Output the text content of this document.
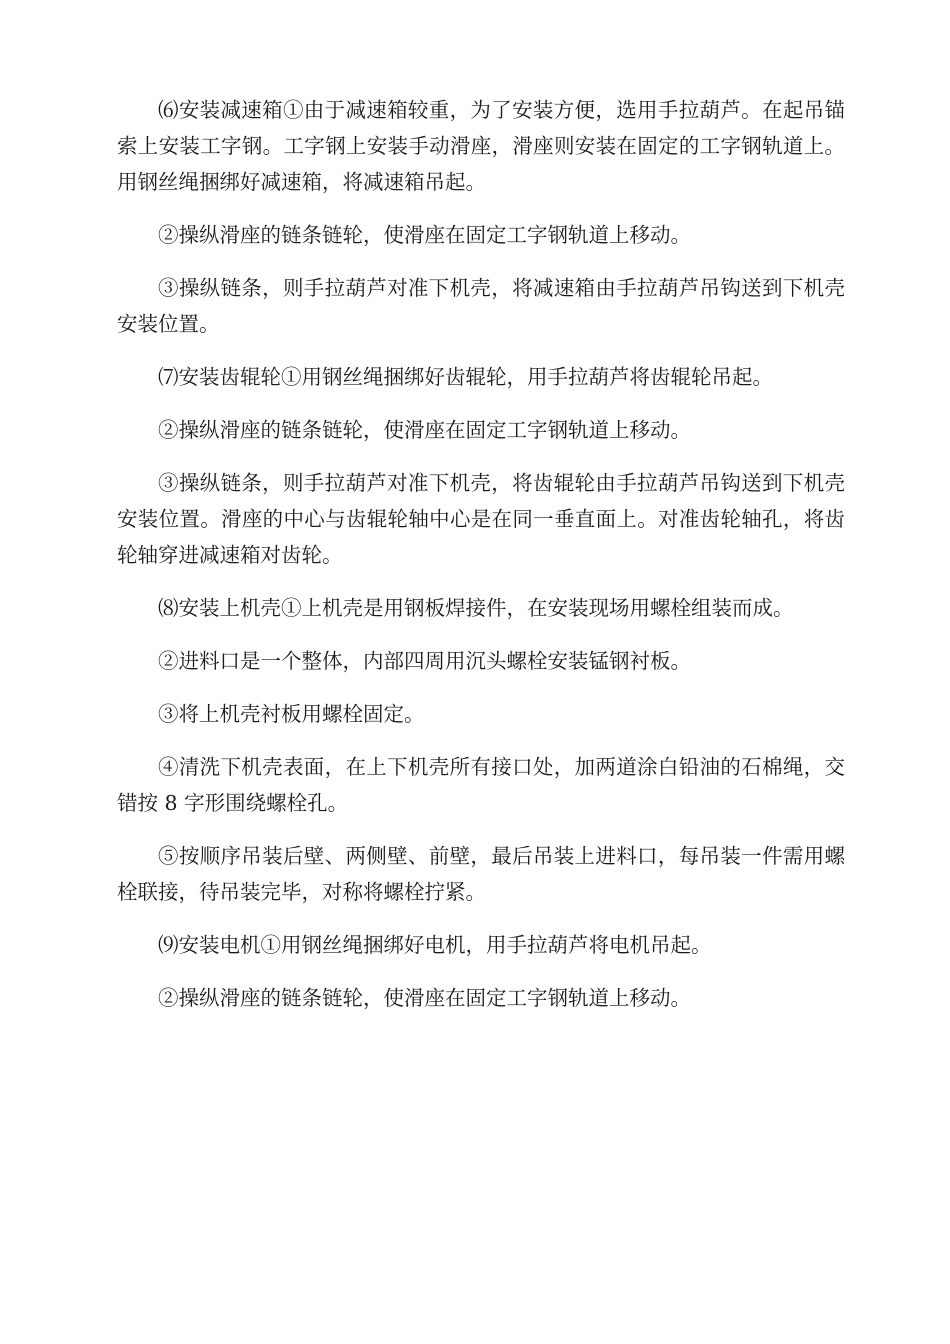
⑹安装减速箱①由于减速箱较重，为了安装方便，选用手拉葫芦。在起吊锚索上安装工字钢。工字钢上安装手动滑座，滑座则安装在固定的工字钢轨道上。用钢丝绳捆绑好减速箱，将减速箱吊起。

②操纵滑座的链条链轮，使滑座在固定工字钢轨道上移动。

③操纵链条，则手拉葫芦对准下机壳，将减速箱由手拉葫芦吊钩送到下机壳安装位置。

⑺安装齿辊轮①用钢丝绳捆绑好齿辊轮，用手拉葫芦将齿辊轮吊起。

②操纵滑座的链条链轮，使滑座在固定工字钢轨道上移动。

③操纵链条，则手拉葫芦对准下机壳，将齿辊轮由手拉葫芦吊钩送到下机壳安装位置。滑座的中心与齿辊轮轴中心是在同一垂直面上。对准齿轮轴孔，将齿轮轴穿进减速箱对齿轮。

⑻安装上机壳①上机壳是用钢板焊接件，在安装现场用螺栓组装而成。

②进料口是一个整体，内部四周用沉头螺栓安装锰钢衬板。

③将上机壳衬板用螺栓固定。

④清洗下机壳表面，在上下机壳所有接口处，加两道涂白铅油的石棉绳，交错按 8 字形围绕螺栓孔。

⑤按顺序吊装后壁、两侧壁、前壁，最后吊装上进料口，每吊装一件需用螺栓联接，待吊装完毕，对称将螺栓拧紧。

⑼安装电机①用钢丝绳捆绑好电机，用手拉葫芦将电机吊起。

②操纵滑座的链条链轮，使滑座在固定工字钢轨道上移动。
